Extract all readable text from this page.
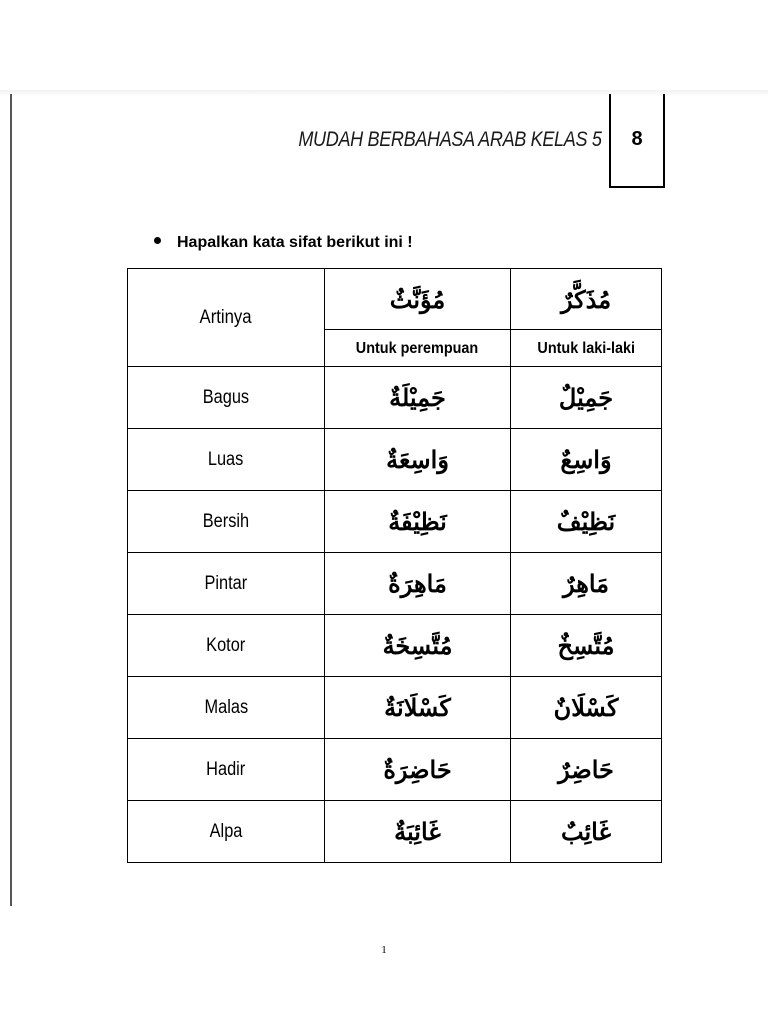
MUDAH BERBAHASA ARAB KELAS 5	8
Hapalkan kata sifat berikut ini !
Artinya	مُؤَنَّثٌ	مُذَكَّرٌ
	Untuk perempuan	Untuk laki-laki
Bagus	جَمِيْلَةٌ	جَمِيْلٌ
Luas	وَاسِعَةٌ	وَاسِعٌ
Bersih	نَظِيْفَةٌ	نَظِيْفٌ
Pintar	مَاهِرَةٌ	مَاهِرٌ
Kotor	مُتَّسِخَةٌ	مُتَّسِخٌ
Malas	كَسْلَانَةٌ	كَسْلَانٌ
Hadir	حَاضِرَةٌ	حَاضِرٌ
Alpa	غَائِبَةٌ	غَائِبٌ
1
